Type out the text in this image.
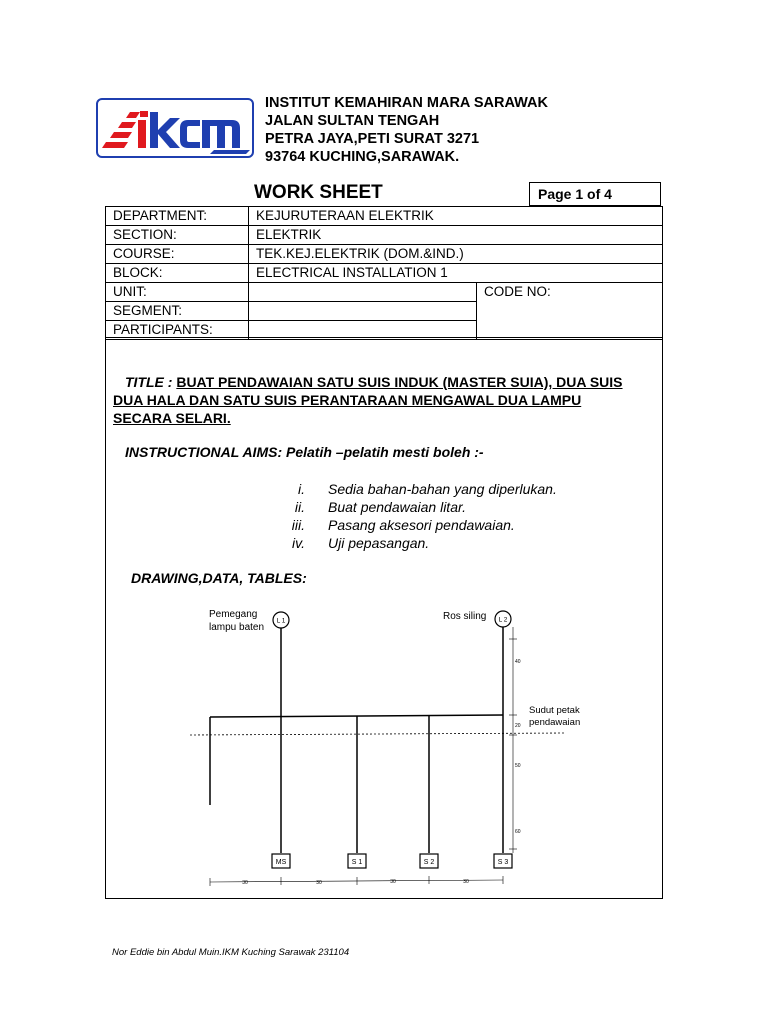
INSTITUT KEMAHIRAN MARA SARAWAK
JALAN SULTAN TENGAH
PETRA JAYA,PETI SURAT 3271
93764 KUCHING,SARAWAK.
WORK SHEET	Page 1 of 4
DEPARTMENT:	KEJURUTERAAN ELEKTRIK	
SECTION:	ELEKTRIK	
COURSE:	TEK.KEJ.ELEKTRIK (DOM.&IND.)	
BLOCK:	ELECTRICAL INSTALLATION 1	
UNIT:		CODE NO:
SEGMENT:		
PARTICIPANTS:		
TITLE : BUAT PENDAWAIAN SATU SUIS INDUK (MASTER SUIA), DUA SUIS DUA HALA DAN SATU SUIS PERANTARAAN MENGAWAL DUA LAMPU SECARA SELARI.
INSTRUCTIONAL AIMS: Pelatih –pelatih mesti boleh :-
i. Sedia bahan-bahan yang diperlukan.
ii. Buat pendawaian litar.
iii. Pasang aksesori pendawaian.
iv. Uji pepasangan.
DRAWING,DATA, TABLES:
L 1	L 2
MS	S 1	S 2	S 3
Pemegang
lampu baten
Ros siling
Sudut petak
pendawaian
40
20
50
60
30	30	30	30
Nor Eddie bin Abdul Muin.IKM Kuching Sarawak 231104
